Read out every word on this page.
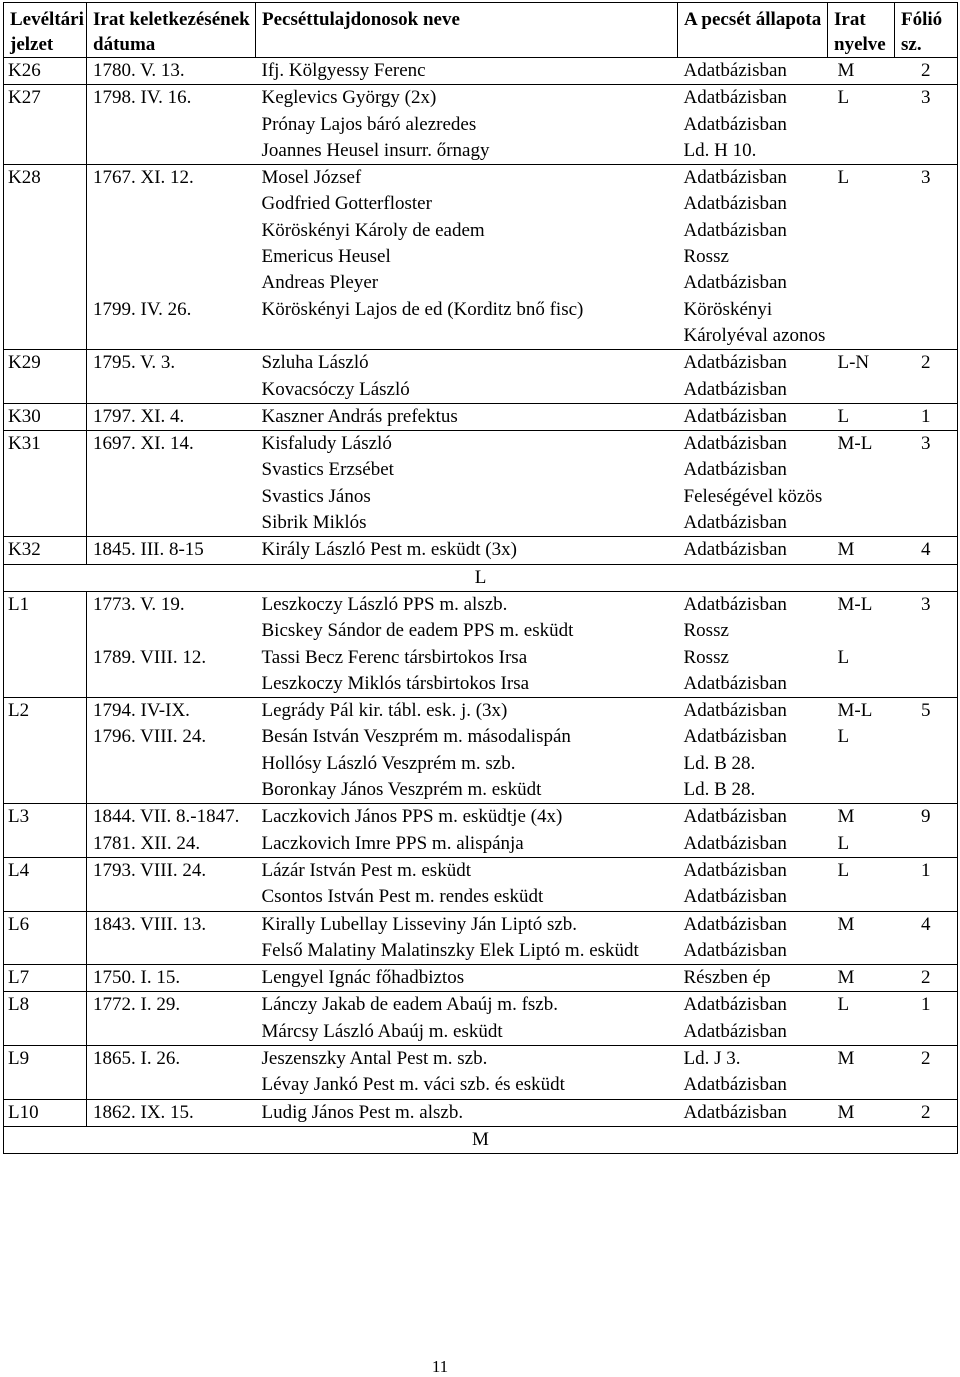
Levéltári jelzet	Irat keletkezésének dátuma	Pecséttulajdonosok neve	A pecsét állapota	Irat nyelve	Fólió sz.
K26	1780. V. 13.	Ifj. Kölgyessy Ferenc	Adatbázisban	M	2
K27	1798. IV. 16.	Keglevics György (2x)	Adatbázisban	L	3
		Prónay Lajos báró alezredes	Adatbázisban		
		Joannes Heusel insurr. őrnagy	Ld. H 10.		
K28	1767. XI. 12.	Mosel József	Adatbázisban	L	3
		Godfried Gotterfloster	Adatbázisban		
		Köröskényi Károly de eadem	Adatbázisban		
		Emericus Heusel	Rossz		
		Andreas Pleyer	Adatbázisban		
	1799. IV. 26.	Köröskényi Lajos de ed (Korditz bnő fisc)	Köröskényi Károlyéval azonos		
K29	1795. V. 3.	Szluha László	Adatbázisban	L-N	2
		Kovacsóczy László	Adatbázisban		
K30	1797. XI. 4.	Kaszner András prefektus	Adatbázisban	L	1
K31	1697. XI. 14.	Kisfaludy László	Adatbázisban	M-L	3
		Svastics Erzsébet	Adatbázisban		
		Svastics János	Feleségével közös		
		Sibrik Miklós	Adatbázisban		
K32	1845. III. 8-15	Király László Pest m. esküdt (3x)	Adatbázisban	M	4
L					
L1	1773. V. 19.	Leszkoczy László PPS m. alszb.	Adatbázisban	M-L	3
		Bicskey Sándor de eadem PPS m. esküdt	Rossz		
	1789. VIII. 12.	Tassi Becz Ferenc társbirtokos Irsa	Rossz	L	
		Leszkoczy Miklós társbirtokos Irsa	Adatbázisban		
L2	1794. IV-IX.	Legrády Pál kir. tábl. esk. j. (3x)	Adatbázisban	M-L	5
	1796. VIII. 24.	Besán István Veszprém m. másodalispán	Adatbázisban	L	
		Hollósy László Veszprém m. szb.	Ld. B 28.		
		Boronkay János Veszprém m. esküdt	Ld. B 28.		
L3	1844. VII. 8.-1847.	Laczkovich János PPS m. esküdtje (4x)	Adatbázisban	M	9
	1781. XII. 24.	Laczkovich Imre PPS m. alispánja	Adatbázisban	L	
L4	1793. VIII. 24.	Lázár István Pest m. esküdt	Adatbázisban	L	1
		Csontos István Pest m. rendes esküdt	Adatbázisban		
L6	1843. VIII. 13.	Kirally Lubellay Lisseviny Ján Liptó szb.	Adatbázisban	M	4
		Felső Malatiny Malatinszky Elek Liptó m. esküdt	Adatbázisban		
L7	1750. I. 15.	Lengyel Ignác főhadbiztos	Részben ép	M	2
L8	1772. I. 29.	Lánczy Jakab de eadem Abaúj m. fszb.	Adatbázisban	L	1
		Márcsy László Abaúj m. esküdt	Adatbázisban		
L9	1865. I. 26.	Jeszenszky Antal Pest m. szb.	Ld. J 3.	M	2
		Lévay Jankó Pest m. váci szb. és esküdt	Adatbázisban		
L10	1862. IX. 15.	Ludig János Pest m. alszb.	Adatbázisban	M	2
M					
11
